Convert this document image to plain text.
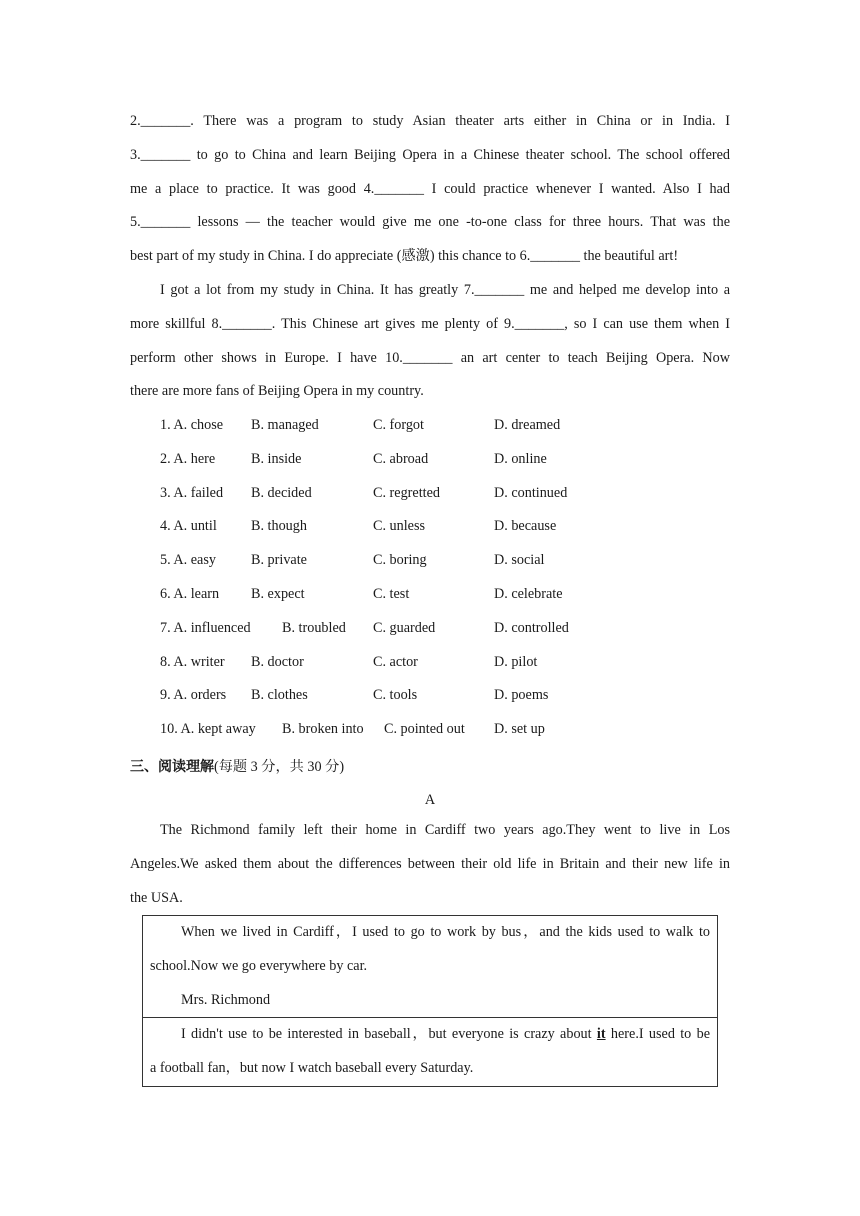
2._______. There was a program to study Asian theater arts either in China or in India. I
3._______ to go to China and learn Beijing Opera in a Chinese theater school. The school offered
me a place to practice. It was good 4._______ I could practice whenever I wanted. Also I had
5._______ lessons — the teacher would give me one -to-one class for three hours. That was the
best part of my study in China. I do appreciate (感激) this chance to 6._______ the beautiful art!

I got a lot from my study in China. It has greatly 7._______ me and helped me develop into a
more skillful 8._______. This Chinese art gives me plenty of 9._______, so I can use them when I
perform other shows in Europe. I have 10._______ an art center to teach Beijing Opera. Now
there are more fans of Beijing Opera in my country.

1. A. chose B. managed	C. forgot	D. dreamed
2. A. here	B. inside	C. abroad	D. online
3. A. failed B. decided	C. regretted	D. continued
4. A. until B. though	C. unless	D. because
5. A. easy B. private	C. boring	D. social
6. A. learn B. expect	C. test	D. celebrate
7. A. influenced B. troubled C. guarded	D. controlled
8. A. writer B. doctor	C. actor	D. pilot
9. A. orders B. clothes	C. tools	D. poems
10. A. kept away B. broken into C. pointed out D. set up
三、阅读理解(每题 3 分，共 30 分)
A

The Richmond family left their home in Cardiff two years ago.They went to live in Los
Angeles.We asked them about the differences between their old life in Britain and their new life in
the USA.

When we lived in Cardiff，I used to go to work by bus，and the kids used to walk to
school.Now we go everywhere by car.
Mrs. Richmond
I didn't use to be interested in baseball，but everyone is crazy about it here.I used to be
a football fan，but now I watch baseball every Saturday.
